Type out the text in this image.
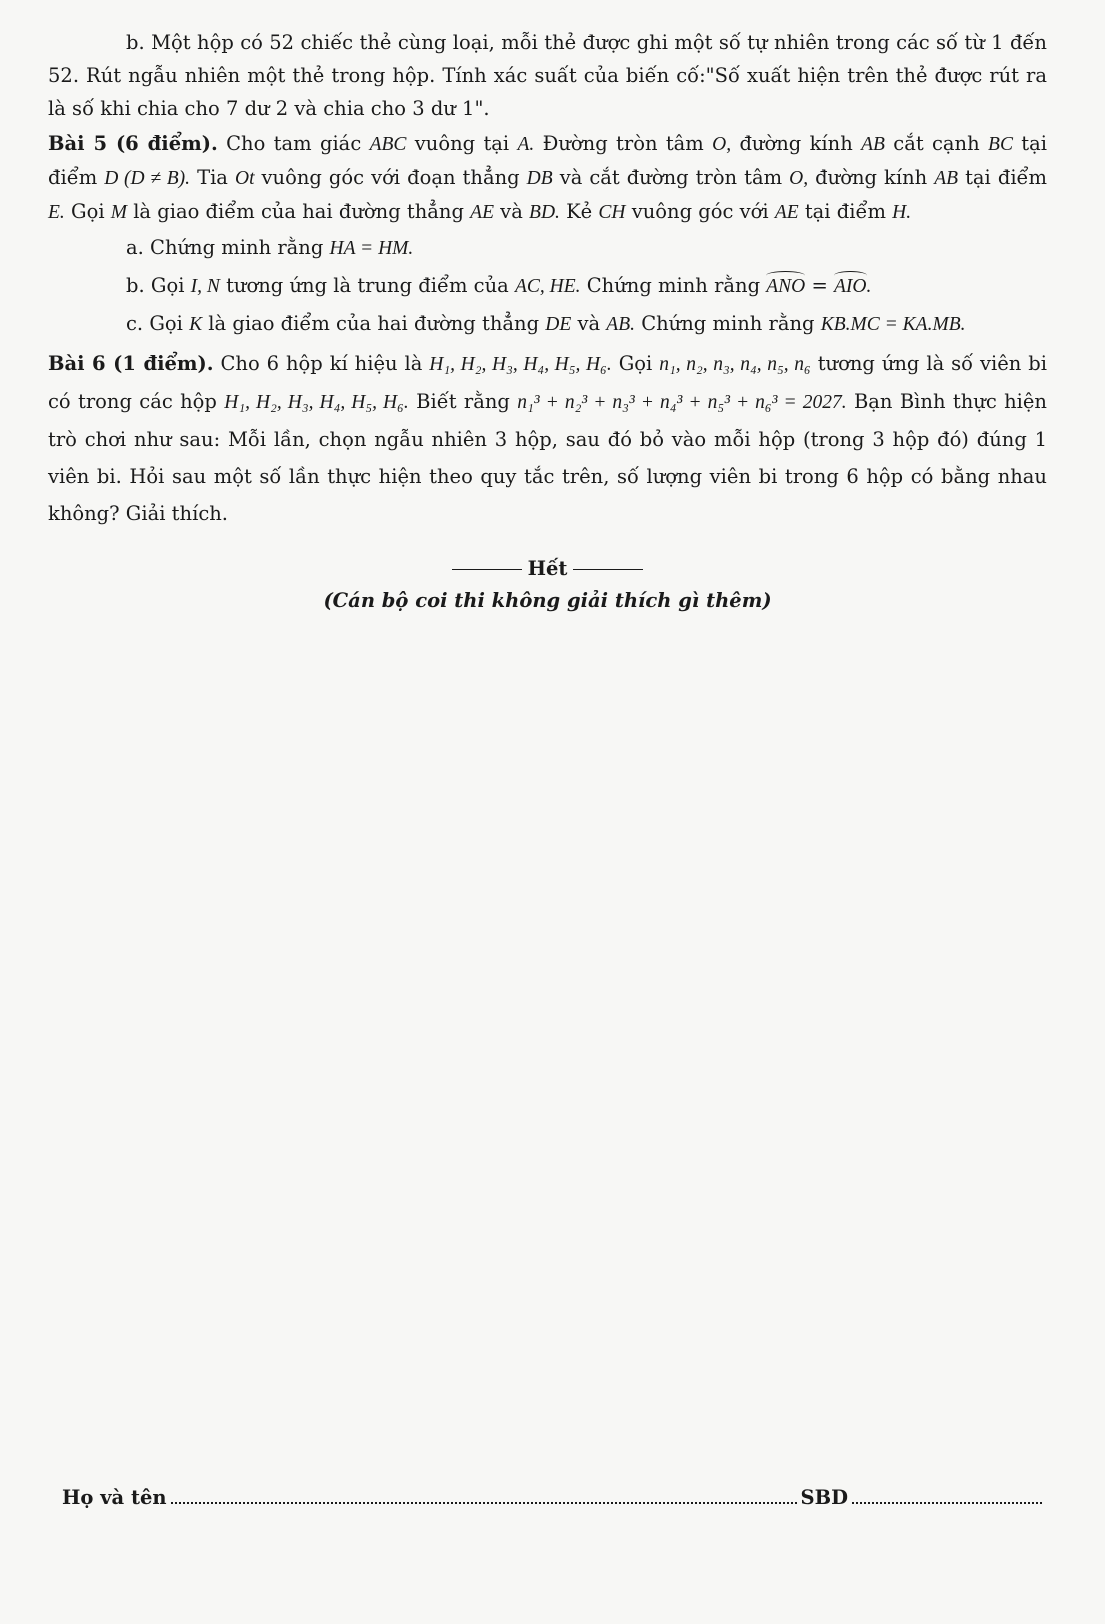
b. Một hộp có 52 chiếc thẻ cùng loại, mỗi thẻ được ghi một số tự nhiên trong các số từ 1 đến 52. Rút ngẫu nhiên một thẻ trong hộp. Tính xác suất của biến cố:"Số xuất hiện trên thẻ được rút ra là số khi chia cho 7 dư 2 và chia cho 3 dư 1".

Bài 5 (6 điểm). Cho tam giác ABC vuông tại A. Đường tròn tâm O, đường kính AB cắt cạnh BC tại điểm D (D ≠ B). Tia Ot vuông góc với đoạn thẳng DB và cắt đường tròn tâm O, đường kính AB tại điểm E. Gọi M là giao điểm của hai đường thẳng AE và BD. Kẻ CH vuông góc với AE tại điểm H.

a. Chứng minh rằng HA = HM.

b. Gọi I, N tương ứng là trung điểm của AC, HE. Chứng minh rằng ANO = AIO.

c. Gọi K là giao điểm của hai đường thẳng DE và AB. Chứng minh rằng KB.MC = KA.MB.

Bài 6 (1 điểm). Cho 6 hộp kí hiệu là H₁, H₂, H₃, H₄, H₅, H₆. Gọi n₁, n₂, n₃, n₄, n₅, n₆ tương ứng là số viên bi có trong các hộp H₁, H₂, H₃, H₄, H₅, H₆. Biết rằng n₁³ + n₂³ + n₃³ + n₄³ + n₅³ + n₆³ = 2027. Bạn Bình thực hiện trò chơi như sau: Mỗi lần, chọn ngẫu nhiên 3 hộp, sau đó bỏ vào mỗi hộp (trong 3 hộp đó) đúng 1 viên bi. Hỏi sau một số lần thực hiện theo quy tắc trên, số lượng viên bi trong 6 hộp có bằng nhau không? Giải thích.

Hết

(Cán bộ coi thi không giải thích gì thêm)

Họ và tên	SBD
